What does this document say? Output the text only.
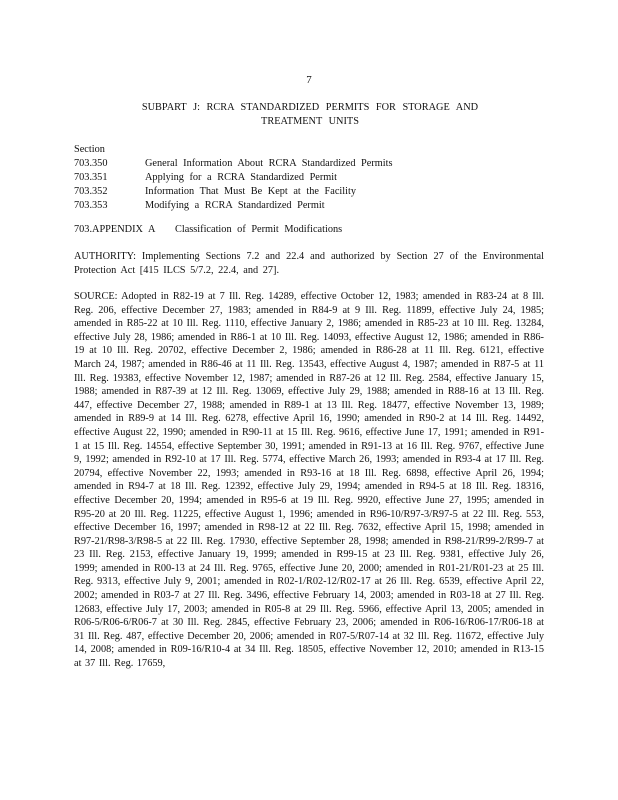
7
SUBPART J: RCRA STANDARDIZED PERMITS FOR STORAGE AND
TREATMENT UNITS
Section
703.350	General Information About RCRA Standardized Permits
703.351	Applying for a RCRA Standardized Permit
703.352	Information That Must Be Kept at the Facility
703.353	Modifying a RCRA Standardized Permit
703.APPENDIX A Classification of Permit Modifications
AUTHORITY: Implementing Sections 7.2 and 22.4 and authorized by Section 27 of the Environmental Protection Act [415 ILCS 5/7.2, 22.4, and 27].
SOURCE: Adopted in R82-19 at 7 Ill. Reg. 14289, effective October 12, 1983; amended in R83-24 at 8 Ill. Reg. 206, effective December 27, 1983; amended in R84-9 at 9 Ill. Reg. 11899, effective July 24, 1985; amended in R85-22 at 10 Ill. Reg. 1110, effective January 2, 1986; amended in R85-23 at 10 Ill. Reg. 13284, effective July 28, 1986; amended in R86-1 at 10 Ill. Reg. 14093, effective August 12, 1986; amended in R86-19 at 10 Ill. Reg. 20702, effective December 2, 1986; amended in R86-28 at 11 Ill. Reg. 6121, effective March 24, 1987; amended in R86-46 at 11 Ill. Reg. 13543, effective August 4, 1987; amended in R87-5 at 11 Ill. Reg. 19383, effective November 12, 1987; amended in R87-26 at 12 Ill. Reg. 2584, effective January 15, 1988; amended in R87-39 at 12 Ill. Reg. 13069, effective July 29, 1988; amended in R88-16 at 13 Ill. Reg. 447, effective December 27, 1988; amended in R89-1 at 13 Ill. Reg. 18477, effective November 13, 1989; amended in R89-9 at 14 Ill. Reg. 6278, effective April 16, 1990; amended in R90-2 at 14 Ill. Reg. 14492, effective August 22, 1990; amended in R90-11 at 15 Ill. Reg. 9616, effective June 17, 1991; amended in R91-1 at 15 Ill. Reg. 14554, effective September 30, 1991; amended in R91-13 at 16 Ill. Reg. 9767, effective June 9, 1992; amended in R92-10 at 17 Ill. Reg. 5774, effective March 26, 1993; amended in R93-4 at 17 Ill. Reg. 20794, effective November 22, 1993; amended in R93-16 at 18 Ill. Reg. 6898, effective April 26, 1994; amended in R94-7 at 18 Ill. Reg. 12392, effective July 29, 1994; amended in R94-5 at 18 Ill. Reg. 18316, effective December 20, 1994; amended in R95-6 at 19 Ill. Reg. 9920, effective June 27, 1995; amended in R95-20 at 20 Ill. Reg. 11225, effective August 1, 1996; amended in R96-10/R97-3/R97-5 at 22 Ill. Reg. 553, effective December 16, 1997; amended in R98-12 at 22 Ill. Reg. 7632, effective April 15, 1998; amended in R97-21/R98-3/R98-5 at 22 Ill. Reg. 17930, effective September 28, 1998; amended in R98-21/R99-2/R99-7 at 23 Ill. Reg. 2153, effective January 19, 1999; amended in R99-15 at 23 Ill. Reg. 9381, effective July 26, 1999; amended in R00-13 at 24 Ill. Reg. 9765, effective June 20, 2000; amended in R01-21/R01-23 at 25 Ill. Reg. 9313, effective July 9, 2001; amended in R02-1/R02-12/R02-17 at 26 Ill. Reg. 6539, effective April 22, 2002; amended in R03-7 at 27 Ill. Reg. 3496, effective February 14, 2003; amended in R03-18 at 27 Ill. Reg. 12683, effective July 17, 2003; amended in R05-8 at 29 Ill. Reg. 5966, effective April 13, 2005; amended in R06-5/R06-6/R06-7 at 30 Ill. Reg. 2845, effective February 23, 2006; amended in R06-16/R06-17/R06-18 at 31 Ill. Reg. 487, effective December 20, 2006; amended in R07-5/R07-14 at 32 Ill. Reg. 11672, effective July 14, 2008; amended in R09-16/R10-4 at 34 Ill. Reg. 18505, effective November 12, 2010; amended in R13-15 at 37 Ill. Reg. 17659,
